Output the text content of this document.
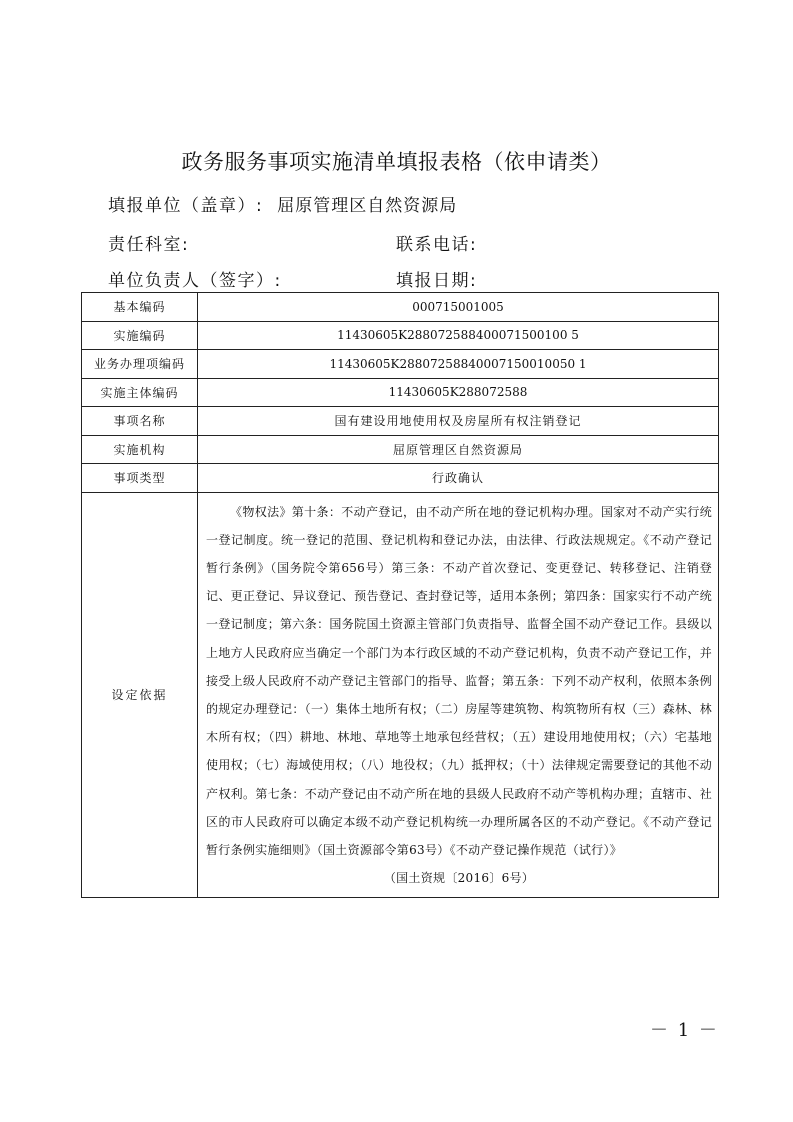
政务服务事项实施清单填报表格（依申请类）
填报单位（盖章）: 屈原管理区自然资源局
责任科室:	联系电话:
单位负责人（签字）:	填报日期:
基本编码	000715001005
实施编码	11430605K288072588400071500100 5
业务办理项编码	11430605K28807258840007150010050 1
实施主体编码	11430605K288072588
事项名称	国有建设用地使用权及房屋所有权注销登记
实施机构	屈原管理区自然资源局
事项类型	行政确认
设定依据	《物权法》第十条：不动产登记，由不动产所在地的登记机构办理。国家对不动产实行统一登记制度。统一登记的范围、登记机构和登记办法，由法律、行政法规规定。《不动产登记暂行条例》（国务院令第656号）第三条：不动产首次登记、变更登记、转移登记、注销登记、更正登记、异议登记、预告登记、查封登记等，适用本条例；第四条：国家实行不动产统一登记制度；第六条：国务院国土资源主管部门负责指导、监督全国不动产登记工作。县级以上地方人民政府应当确定一个部门为本行政区域的不动产登记机构，负责不动产登记工作，并接受上级人民政府不动产登记主管部门的指导、监督；第五条：下列不动产权利，依照本条例的规定办理登记：（一）集体土地所有权；（二）房屋等建筑物、构筑物所有权（三）森林、林木所有权；（四）耕地、林地、草地等土地承包经营权；（五）建设用地使用权；（六）宅基地使用权；（七）海域使用权；（八）地役权；（九）抵押权；（十）法律规定需要登记的其他不动产权利。第七条：不动产登记由不动产所在地的县级人民政府不动产等机构办理；直辖市、社区的市人民政府可以确定本级不动产登记机构统一办理所属各区的不动产登记。《不动产登记暂行条例实施细则》（国土资源部令第63号）《不动产登记操作规范（试行）》
（国土资规〔2016〕6号）
－ 1 －
